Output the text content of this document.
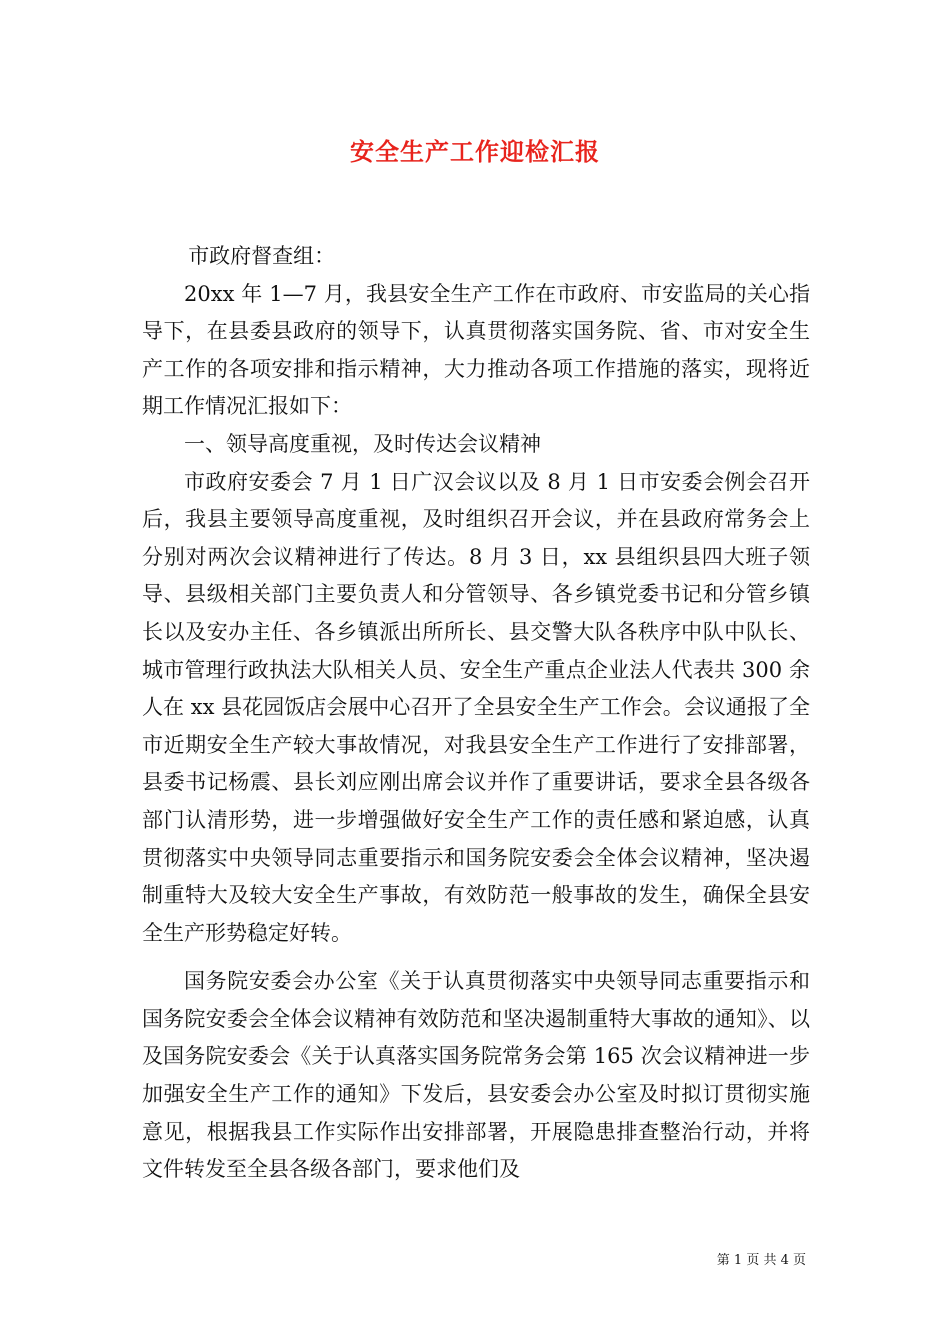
安全生产工作迎检汇报

市政府督查组：

20xx 年 1—7 月，我县安全生产工作在市政府、市安监局的关心指导下，在县委县政府的领导下，认真贯彻落实国务院、省、市对安全生产工作的各项安排和指示精神，大力推动各项工作措施的落实，现将近期工作情况汇报如下：

一、领导高度重视，及时传达会议精神

市政府安委会 7 月 1 日广汉会议以及 8 月 1 日市安委会例会召开后，我县主要领导高度重视，及时组织召开会议，并在县政府常务会上分别对两次会议精神进行了传达。8 月 3 日，xx 县组织县四大班子领导、县级相关部门主要负责人和分管领导、各乡镇党委书记和分管乡镇长以及安办主任、各乡镇派出所所长、县交警大队各秩序中队中队长、城市管理行政执法大队相关人员、安全生产重点企业法人代表共 300 余人在 xx 县花园饭店会展中心召开了全县安全生产工作会。会议通报了全市近期安全生产较大事故情况，对我县安全生产工作进行了安排部署，县委书记杨震、县长刘应刚出席会议并作了重要讲话，要求全县各级各部门认清形势，进一步增强做好安全生产工作的责任感和紧迫感，认真贯彻落实中央领导同志重要指示和国务院安委会全体会议精神，坚决遏制重特大及较大安全生产事故，有效防范一般事故的发生，确保全县安全生产形势稳定好转。

国务院安委会办公室《关于认真贯彻落实中央领导同志重要指示和国务院安委会全体会议精神有效防范和坚决遏制重特大事故的通知》、以及国务院安委会《关于认真落实国务院常务会第 165 次会议精神进一步加强安全生产工作的通知》下发后，县安委会办公室及时拟订贯彻实施意见，根据我县工作实际作出安排部署，开展隐患排查整治行动，并将文件转发至全县各级各部门，要求他们及

第 1 页 共 4 页
